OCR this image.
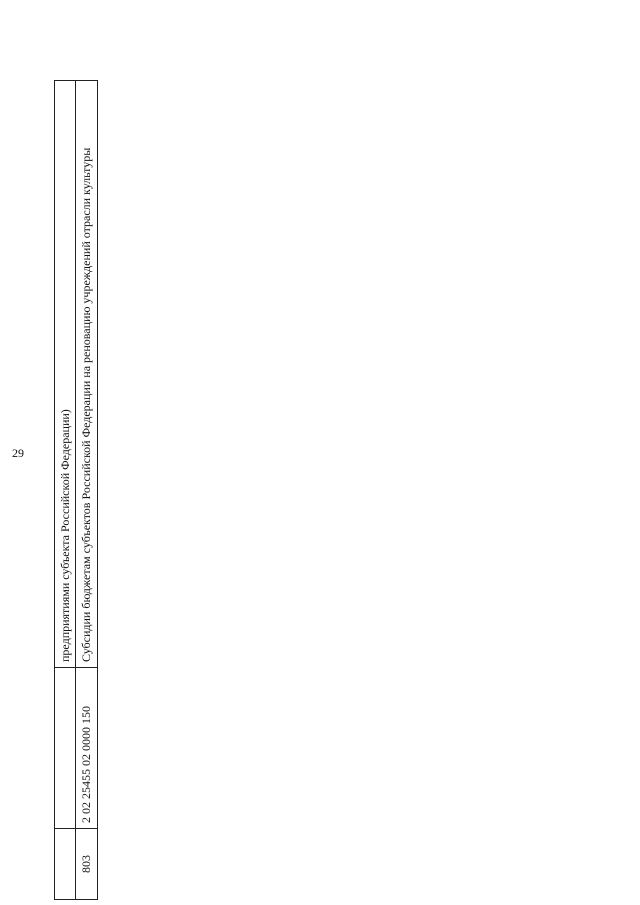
29
			предприятиями субъекта Российской Федерации)
803	2 02 25455 02 0000 150	Субсидии бюджетам субъектов Российской Федерации на реновацию учреждений отрасли культуры
